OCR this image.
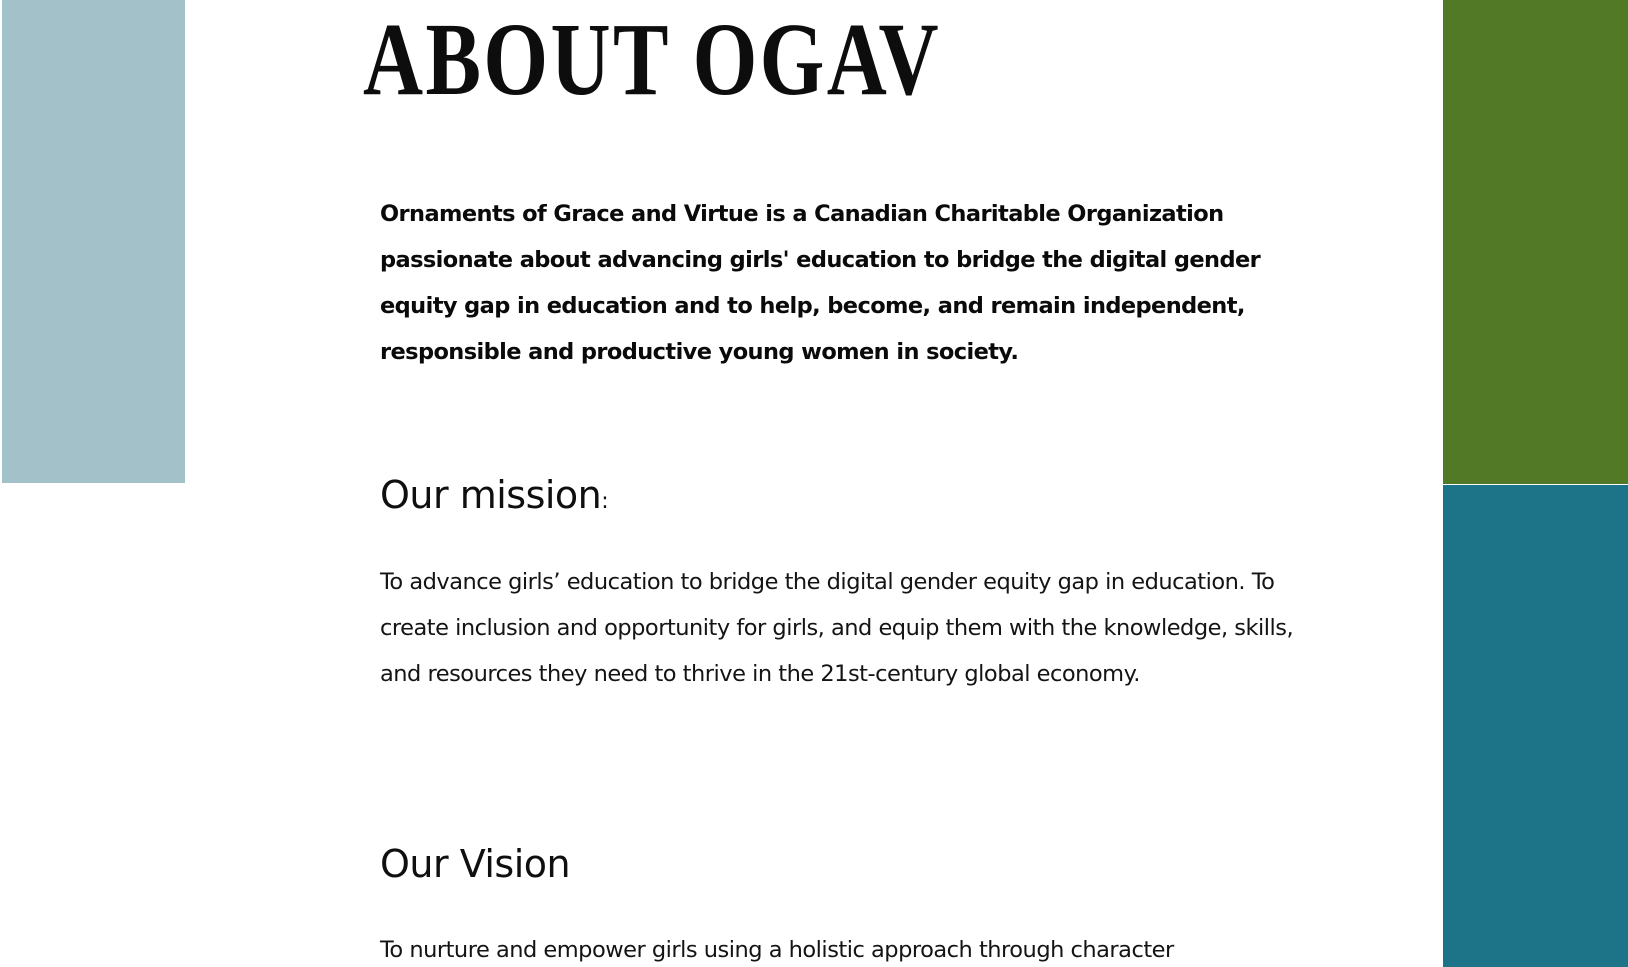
ABOUT OGAV

Ornaments of Grace and Virtue is a Canadian Charitable Organization passionate about advancing girls' education to bridge the digital gender equity gap in education and to help, become, and remain independent, responsible and productive young women in society.

Our mission:

To advance girls’ education to bridge the digital gender equity gap in education. To create inclusion and opportunity for girls, and equip them with the knowledge, skills, and resources they need to thrive in the 21st-century global economy.

Our Vision

To nurture and empower girls using a holistic approach through character
